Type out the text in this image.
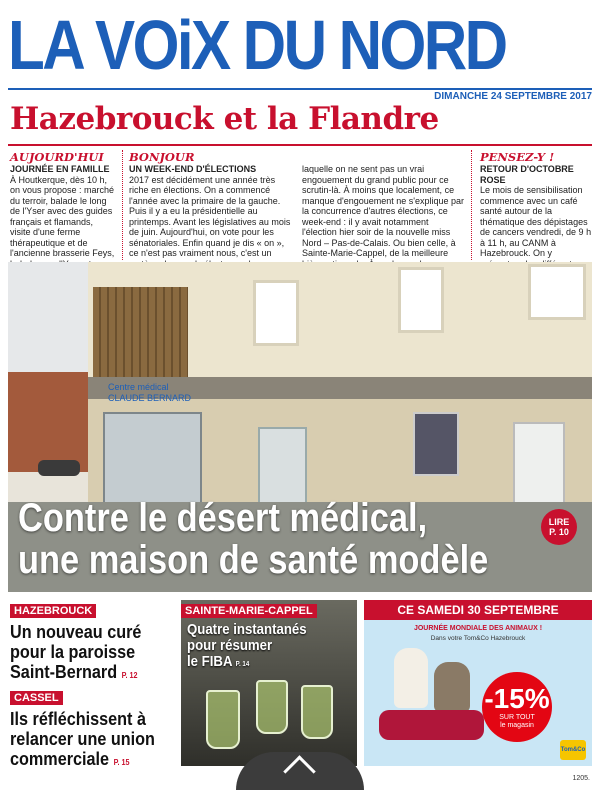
LA VOiX DU NORD
DIMANCHE 24 SEPTEMBRE 2017
Hazebrouck et la Flandre
AUJOURD'HUI
JOURNÉE EN FAMILLE
À Houtkerque, dès 10 h, on vous propose : marché du terroir, balade le long de l'Yser avec des guides français et flamands, visite d'une ferme thérapeutique et de l'ancienne brasserie Feys,
BONJOUR
UN WEEK-END D'ÉLECTIONS
2017 est décidément une année très riche en élections. On a commencé l'année avec la primaire de la gauche. Puis il y a eu la présidentielle au printemps. Avant les législatives au mois de juin. Aujourd'hui, on vote pour les sénatoriales. Enfin quand je dis « on », ce n'est pas vraiment nous, c'est un laquelle on ne sent pas un vrai engouement du grand public pour ce scrutin-là. À moins que localement, ce manque d'engouement ne s'explique par la concurrence d'autres élections, ce week-end : il y avait notamment l'élection hier soir de la nouvelle miss Nord – Pas-de-Calais. Ou bien celle, à Sainte-Marie-Cappel, de la meilleure
PENSEZ-Y !
RETOUR D'OCTOBRE ROSE
Le mois de sensibilisation commence avec un café santé autour de la thématique des dépistages de cancers vendredi, de 9 h à 11 h, au CANM à Hazebrouck. On y
Centre médical
CLAUDE BERNARD
Contre le désert médical,
une maison de santé modèle
LIRE
P. 10
HAZEBROUCK
Un nouveau curé
pour la paroisse
Saint-Bernard P. 12
CASSEL
Ils réfléchissent à
relancer une union
commerciale P. 15
SAINTE-MARIE-CAPPEL
Quatre instantanés
pour résumer
le FIBA P. 14
CE SAMEDI 30 SEPTEMBRE
JOURNÉE MONDIALE DES ANIMAUX !
Dans votre Tom&Co Hazebrouck
-15%
SUR TOUT
le magasin
Tom&Co
1205.
